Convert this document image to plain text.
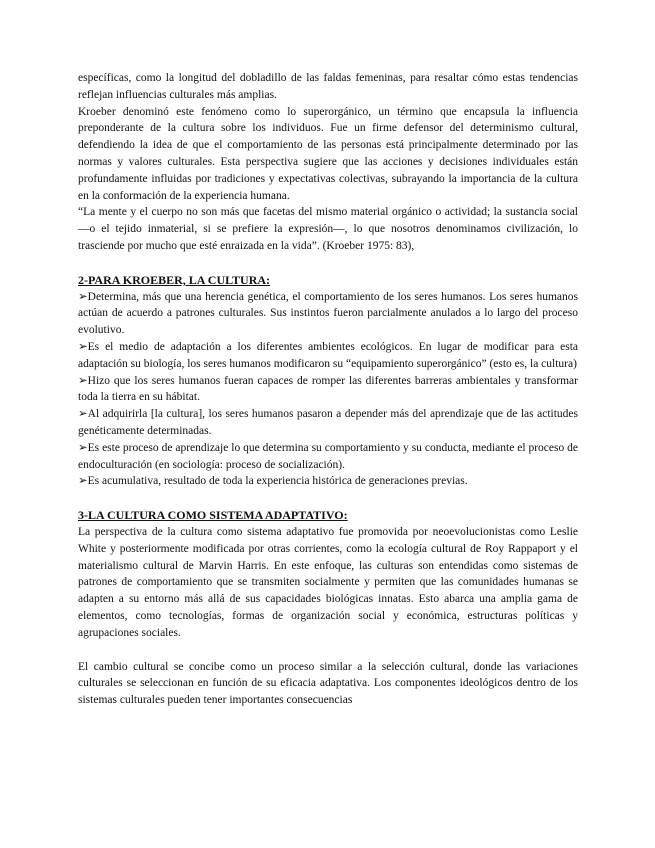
específicas, como la longitud del dobladillo de las faldas femeninas, para resaltar cómo estas tendencias reflejan influencias culturales más amplias.

Kroeber denominó este fenómeno como lo superorgánico, un término que encapsula la influencia preponderante de la cultura sobre los individuos. Fue un firme defensor del determinismo cultural, defendiendo la idea de que el comportamiento de las personas está principalmente determinado por las normas y valores culturales. Esta perspectiva sugiere que las acciones y decisiones individuales están profundamente influidas por tradiciones y expectativas colectivas, subrayando la importancia de la cultura en la conformación de la experiencia humana.

“La mente y el cuerpo no son más que facetas del mismo material orgánico o actividad; la sustancia social —o el tejido inmaterial, si se prefiere la expresión—, lo que nosotros denominamos civilización, lo trasciende por mucho que esté enraizada en la vida”. (Kroeber 1975: 83),

2-PARA KROEBER, LA CULTURA:

➢Determina, más que una herencia genética, el comportamiento de los seres humanos. Los seres humanos actúan de acuerdo a patrones culturales. Sus instintos fueron parcialmente anulados a lo largo del proceso evolutivo.

➢Es el medio de adaptación a los diferentes ambientes ecológicos. En lugar de modificar para esta adaptación su biología, los seres humanos modificaron su “equipamiento superorgánico” (esto es, la cultura)

➢Hizo que los seres humanos fueran capaces de romper las diferentes barreras ambientales y transformar toda la tierra en su hábitat.

➢Al adquirirla [la cultura], los seres humanos pasaron a depender más del aprendizaje que de las actitudes genéticamente determinadas.

➢Es este proceso de aprendizaje lo que determina su comportamiento y su conducta, mediante el proceso de endoculturación (en sociología: proceso de socialización).

➢Es acumulativa, resultado de toda la experiencia histórica de generaciones previas.

3-LA CULTURA COMO SISTEMA ADAPTATIVO:

La perspectiva de la cultura como sistema adaptativo fue promovida por neoevolucionistas como Leslie White y posteriormente modificada por otras corrientes, como la ecología cultural de Roy Rappaport y el materialismo cultural de Marvin Harris. En este enfoque, las culturas son entendidas como sistemas de patrones de comportamiento que se transmiten socialmente y permiten que las comunidades humanas se adapten a su entorno más allá de sus capacidades biológicas innatas. Esto abarca una amplia gama de elementos, como tecnologías, formas de organización social y económica, estructuras políticas y agrupaciones sociales.

El cambio cultural se concibe como un proceso similar a la selección cultural, donde las variaciones culturales se seleccionan en función de su eficacia adaptativa. Los componentes ideológicos dentro de los sistemas culturales pueden tener importantes consecuencias
